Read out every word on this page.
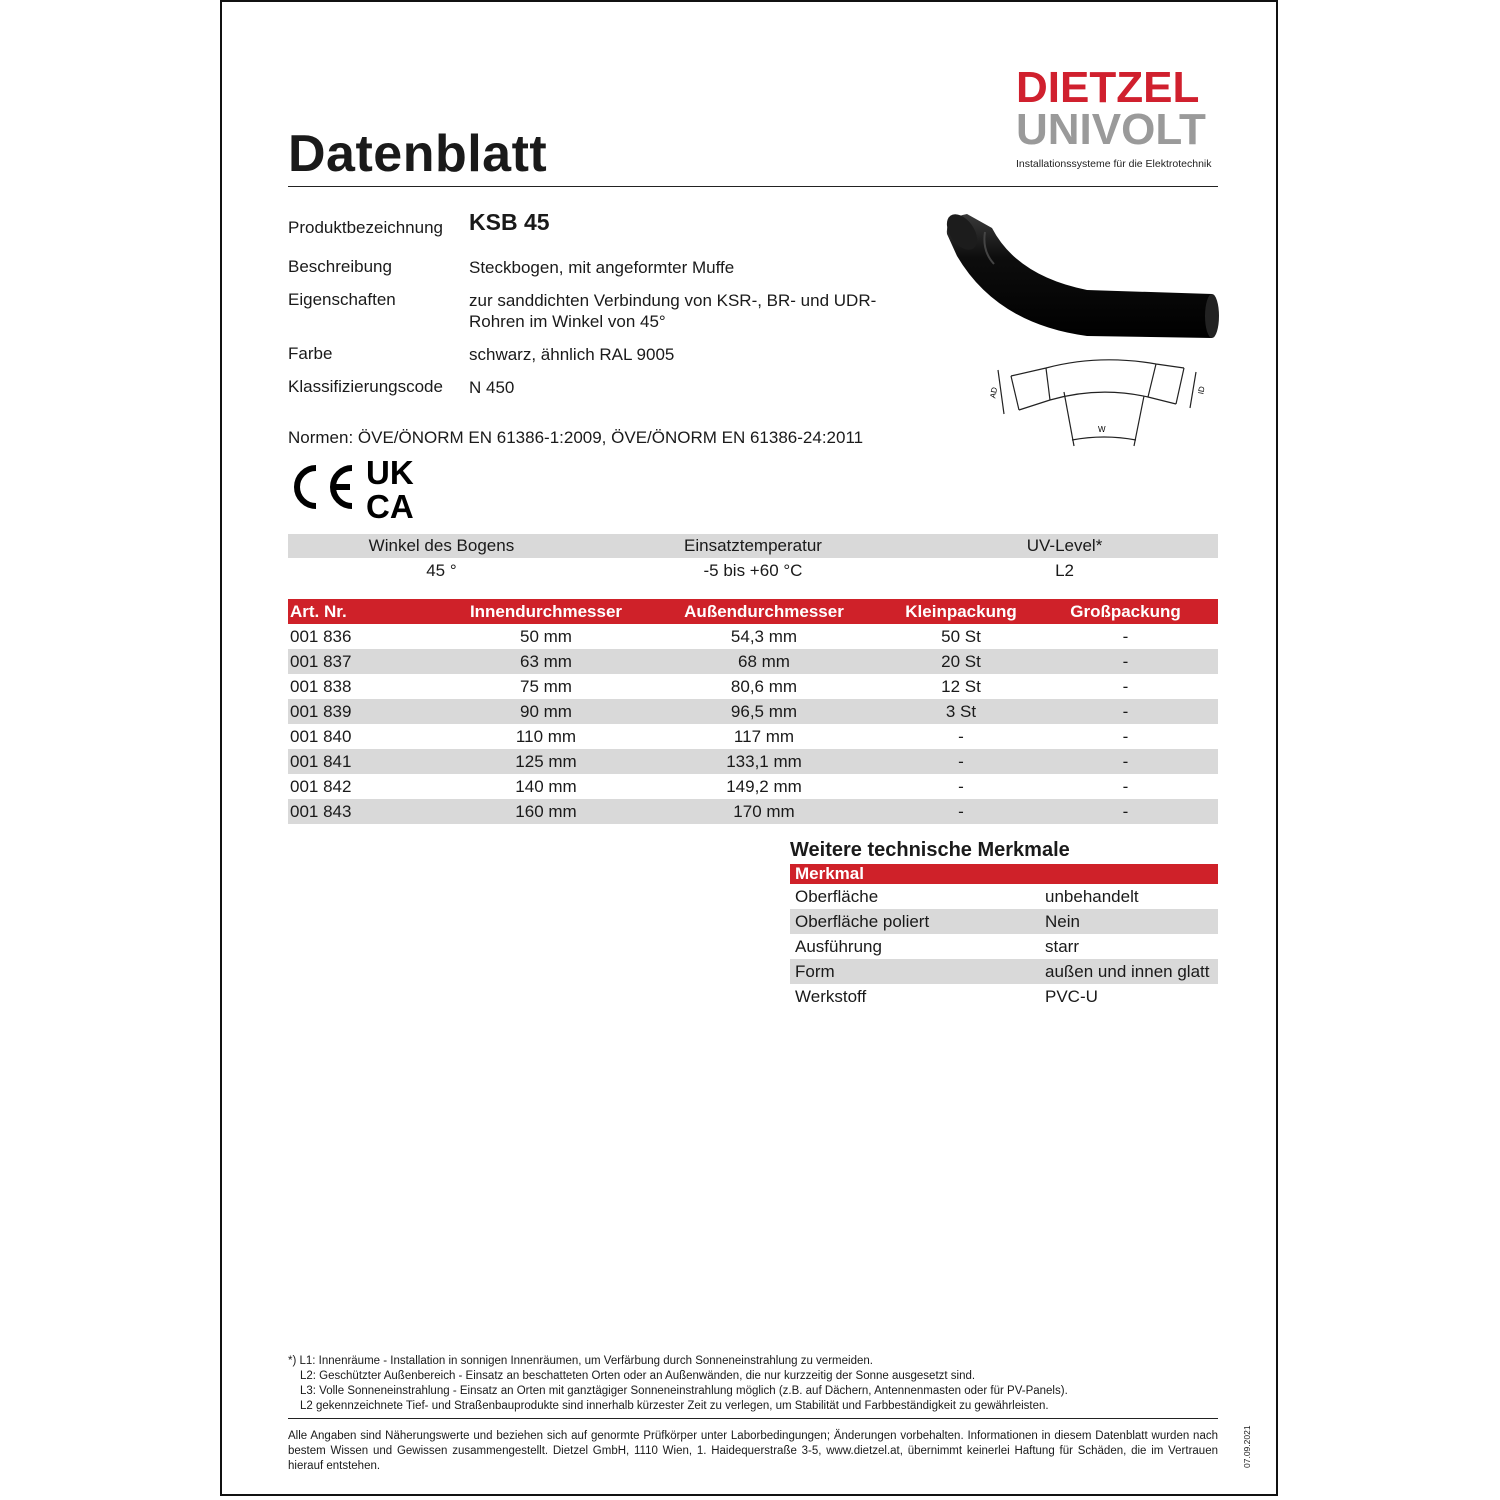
Datenblatt
DIETZEL
UNIVOLT
Installationssysteme für die Elektrotechnik
Produktbezeichnung KSB 45
Beschreibung	Steckbogen, mit angeformter Muffe
Eigenschaften	zur sanddichten Verbindung von KSR-, BR- und UDR-Rohren im Winkel von 45°
Farbe	schwarz, ähnlich RAL 9005
Klassifizierungscode N 450	AD	ID
W
Normen: ÖVE/ÖNORM EN 61386-1:2009, ÖVE/ÖNORM EN 61386-24:2011
UK
CA
Winkel des Bogens	Einsatztemperatur	UV-Level*
45 °	-5 bis +60 °C	L2
Art. Nr.	Innendurchmesser	Außendurchmesser	Kleinpackung	Großpackung
001 836	50 mm	54,3 mm	50 St	-
001 837	63 mm	68 mm	20 St	-
001 838	75 mm	80,6 mm	12 St	-
001 839	90 mm	96,5 mm	3 St	-
001 840	110 mm	117 mm	-	-
001 841	125 mm	133,1 mm	-	-
001 842	140 mm	149,2 mm	-	-
001 843	160 mm	170 mm	-	-
Weitere technische Merkmale
Merkmal	
Oberfläche	unbehandelt
Oberfläche poliert	Nein
Ausführung	starr
Form	außen und innen glatt
Werkstoff	PVC-U
*) L1: Innenräume - Installation in sonnigen Innenräumen, um Verfärbung durch Sonneneinstrahlung zu vermeiden.
L2: Geschützter Außenbereich - Einsatz an beschatteten Orten oder an Außenwänden, die nur kurzzeitig der Sonne ausgesetzt sind.
L3: Volle Sonneneinstrahlung - Einsatz an Orten mit ganztägiger Sonneneinstrahlung möglich (z.B. auf Dächern, Antennenmasten oder für PV-Panels).
L2 gekennzeichnete Tief- und Straßenbauprodukte sind innerhalb kürzester Zeit zu verlegen, um Stabilität und Farbbeständigkeit zu gewährleisten.
Alle Angaben sind Näherungswerte und beziehen sich auf genormte Prüfkörper unter Laborbedingungen; Änderungen vorbehalten. Informationen in diesem Datenblatt wurden nach bestem Wissen und Gewissen zusammengestellt. Dietzel GmbH, 1110 Wien, 1. Haidequerstraße 3-5, www.dietzel.at, übernimmt keinerlei Haftung für Schäden, die im Vertrauen hierauf entstehen.	07.09.2021
